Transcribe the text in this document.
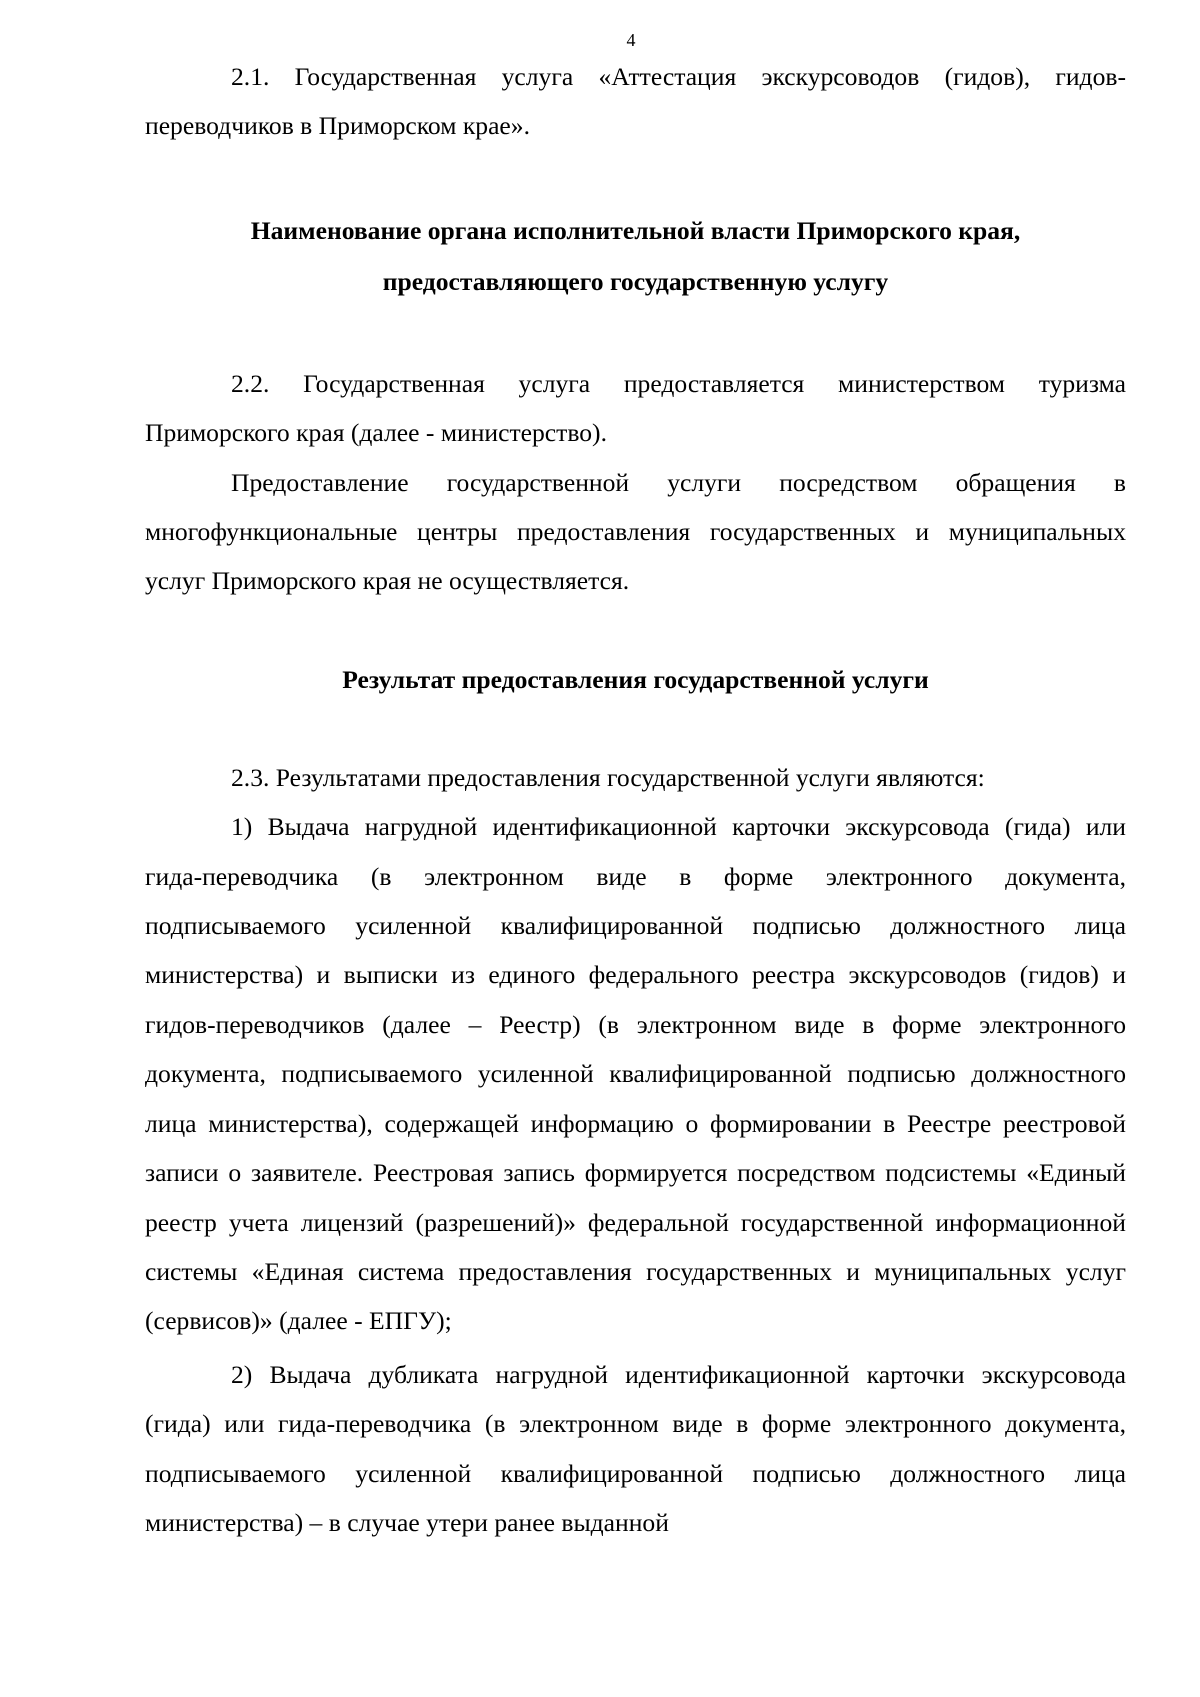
4

2.1. Государственная услуга «Аттестация экскурсоводов (гидов), гидов-переводчиков в Приморском крае».

Наименование органа исполнительной власти Приморского края, предоставляющего государственную услугу

2.2. Государственная услуга предоставляется министерством туризма Приморского края (далее - министерство).

Предоставление государственной услуги посредством обращения в многофункциональные центры предоставления государственных и муниципальных услуг Приморского края не осуществляется.

Результат предоставления государственной услуги

2.3. Результатами предоставления государственной услуги являются:

1) Выдача нагрудной идентификационной карточки экскурсовода (гида) или гида-переводчика (в электронном виде в форме электронного документа, подписываемого усиленной квалифицированной подписью должностного лица министерства) и выписки из единого федерального реестра экскурсоводов (гидов) и гидов-переводчиков (далее – Реестр) (в электронном виде в форме электронного документа, подписываемого усиленной квалифицированной подписью должностного лица министерства), содержащей информацию о формировании в Реестре реестровой записи о заявителе. Реестровая запись формируется посредством подсистемы «Единый реестр учета лицензий (разрешений)» федеральной государственной информационной системы «Единая система предоставления государственных и муниципальных услуг (сервисов)» (далее - ЕПГУ);

2) Выдача дубликата нагрудной идентификационной карточки экскурсовода (гида) или гида-переводчика (в электронном виде в форме электронного документа, подписываемого усиленной квалифицированной подписью должностного лица министерства) – в случае утери ранее выданной
